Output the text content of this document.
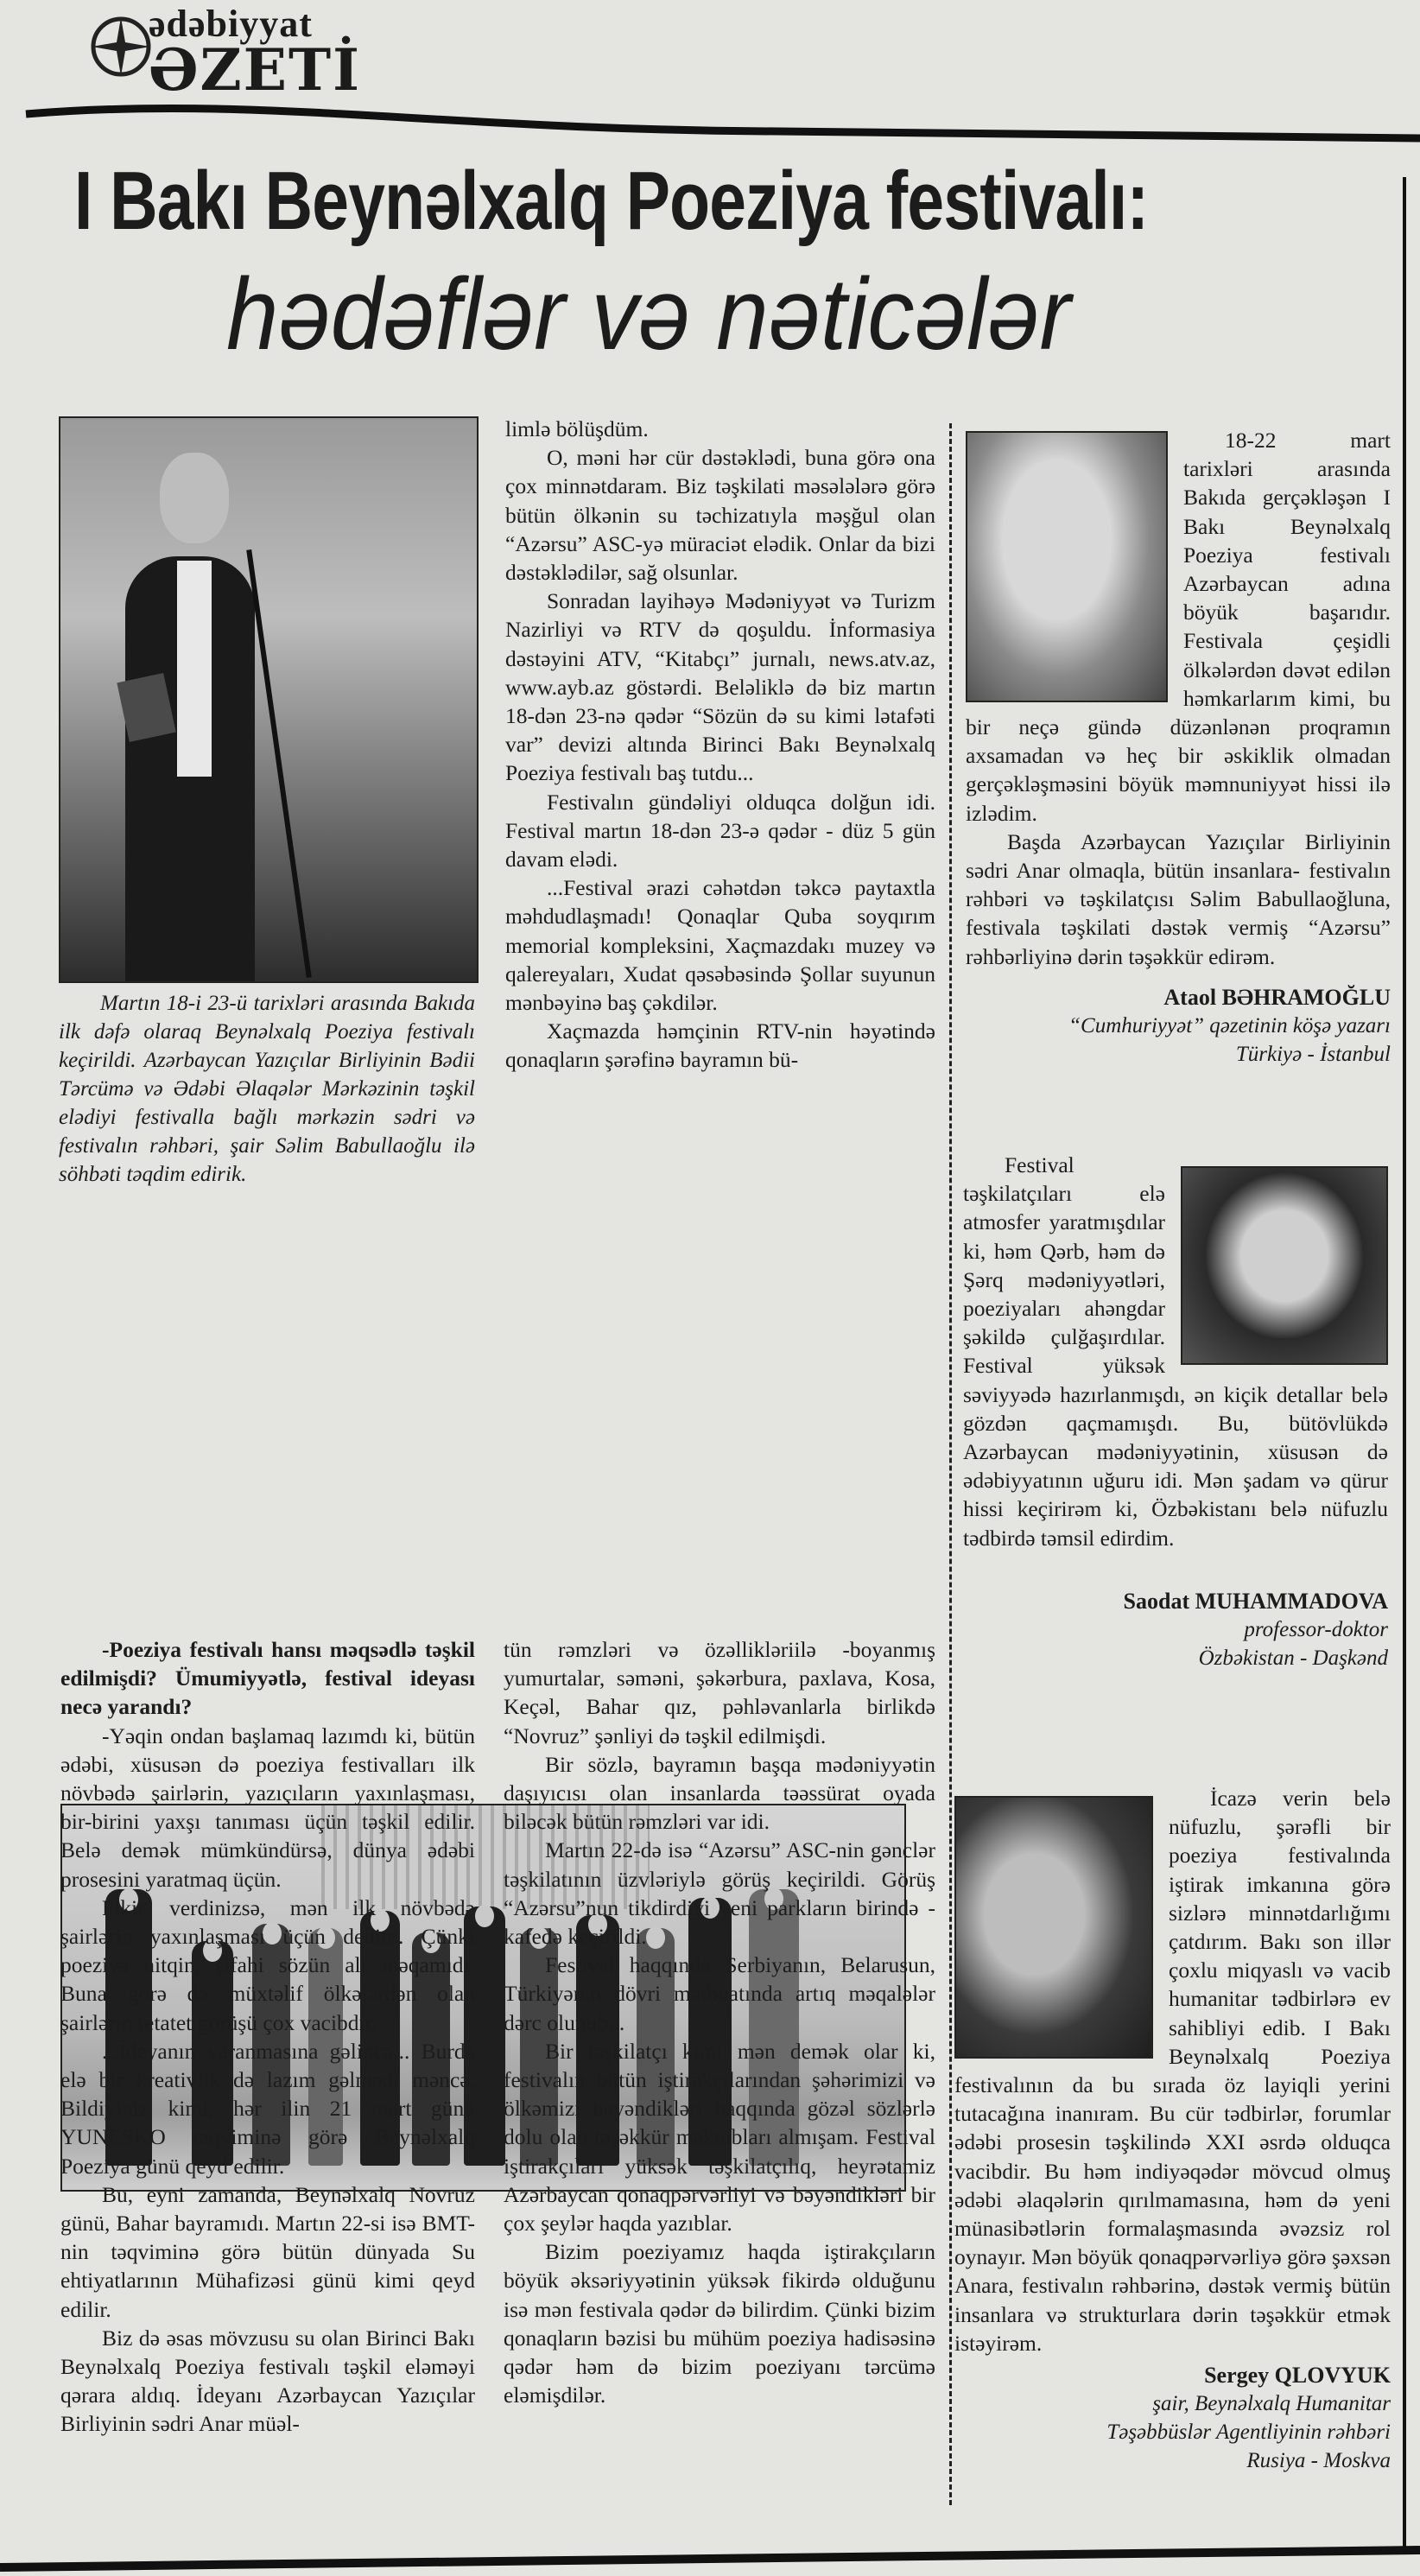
ədəbiyyat
ƏZETİ
I Bakı Beynəlxalq Poeziya festivalı:
hədəflər və nəticələr

Martın 18-i 23-ü tarixləri arasında Bakıda ilk dəfə olaraq Beynəlxalq Poeziya festivalı keçirildi. Azərbaycan Yazıçılar Birliyinin Bədii Tərcümə və Ədəbi Əlaqələr Mərkəzinin təşkil elədiyi festivalla bağlı mərkəzin sədri və festivalın rəhbəri, şair Səlim Babullaoğlu ilə söhbəti təqdim edirik.

limlə bölüşdüm.

O, məni hər cür dəstəklədi, buna görə ona çox minnətdaram. Biz təşkilati məsələlərə görə bütün ölkənin su təchizatıyla məşğul olan “Azərsu” ASC-yə müraciət elədik. Onlar da bizi dəstəklədilər, sağ olsunlar.

Sonradan layihəyə Mədəniyyət və Turizm Nazirliyi və RTV də qoşuldu. İnformasiya dəstəyini ATV, “Kitabçı” jurnalı, news.atv.az, www.ayb.az göstərdi. Beləliklə də biz martın 18-dən 23-nə qədər “Sözün də su kimi lətafəti var” devizi altında Birinci Bakı Beynəlxalq Poeziya festivalı baş tutdu...

Festivalın gündəliyi olduqca dolğun idi. Festival martın 18-dən 23-ə qədər - düz 5 gün davam elədi.

...Festival ərazi cəhətdən təkcə paytaxtla məhdudlaşmadı! Qonaqlar Quba soyqırım memorial kompleksini, Xaçmazdakı muzey və qalereyaları, Xudat qəsəbəsində Şollar suyunun mənbəyinə baş çəkdilər.

Xaçmazda həmçinin RTV-nin həyətində qonaqların şərəfinə bayramın bü-

-Poeziya festivalı hansı məqsədlə təşkil edilmişdi? Ümumiyyətlə, festival ideyası necə yarandı?

-Yəqin ondan başlamaq lazımdı ki, bütün ədəbi, xüsusən də poeziya festivalları ilk növbədə şairlərin, yazıçıların yaxınlaşması, bir-birini yaxşı tanıması üçün təşkil edilir. Belə demək mümkündürsə, dünya ədəbi prosesini yaratmaq üçün.

Fikir verdinizsə, mən ilk növbədə şairlərin yaxınlaşması üçün dedim. Çünki poeziya nitqin, şifahi sözün ali məqamıdı. Buna görə də müxtəlif ölkələrdən olan şairlərin tetatet görüşü çox vacibdir.

...İdeyanın yaranmasına gəlincə... Burda elə bir kreativlik də lazım gəlmədi məncə. Bildiyiniz kimi, hər ilin 21 mart günü YUNESKO təqviminə görə Beynəlxalq Poeziya günü qeyd edilir.

Bu, eyni zamanda, Beynəlxalq Novruz günü, Bahar bayramıdı. Martın 22-si isə BMT-nin təqviminə görə bütün dünyada Su ehtiyatlarının Mühafizəsi günü kimi qeyd edilir.

Biz də əsas mövzusu su olan Birinci Bakı Beynəlxalq Poeziya festivalı təşkil eləməyi qərara aldıq. İdeyanı Azərbaycan Yazıçılar Birliyinin sədri Anar müəl-

tün rəmzləri və özəllikləriilə -boyanmış yumurtalar, səməni, şəkərbura, paxlava, Kosa, Keçəl, Bahar qız, pəhləvanlarla birlikdə “Novruz” şənliyi də təşkil edilmişdi.

Bir sözlə, bayramın başqa mədəniyyətin daşıyıcısı olan insanlarda təəssürat oyada biləcək bütün rəmzləri var idi.

Martın 22-də isə “Azərsu” ASC-nin gənclər təşkilatının üzvləriylə görüş keçirildi. Görüş “Azərsu”nun tikdirdiyi yeni parkların birində - kafedə keçirildi.

Festival haqqında Serbiyanın, Belarusun, Türkiyənin dövri mətbuatında artıq məqalələr dərc olunub...

Bir təşkilatçı kimi mən demək olar ki, festivalın bütün iştirakçılarından şəhərimizi və ölkəmizi bəyəndikləri haqqında gözəl sözlərlə dolu olan təşəkkür məktubları almışam. Festival iştirakçıları yüksək təşkilatçılıq, heyrətamiz Azərbaycan qonaqpərvərliyi və bəyəndikləri bir çox şeylər haqda yazıblar.

Bizim poeziyamız haqda iştirakçıların böyük əksəriyyətinin yüksək fikirdə olduğunu isə mən festivala qədər də bilirdim. Çünki bizim qonaqların bəzisi bu mühüm poeziya hadisəsinə qədər həm də bizim poeziyanı tərcümə eləmişdilər.

18-22 mart tarixləri arasında Bakıda gerçəkləşən I Bakı Beynəlxalq Poeziya festivalı Azərbaycan adına böyük başarıdır. Festivala çeşidli ölkələrdən dəvət edilən həmkarlarım kimi, bu bir neçə gündə düzənlənən proqramın axsamadan və heç bir əskiklik olmadan gerçəkləşməsini böyük məmnuniyyət hissi ilə izlədim.

Başda Azərbaycan Yazıçılar Birliyinin sədri Anar olmaqla, bütün insanlara- festivalın rəhbəri və təşkilatçısı Səlim Babullaoğluna, festivala təşkilati dəstək vermiş “Azərsu” rəhbərliyinə dərin təşəkkür edirəm.

Ataol BƏHRAMOĞLU
“Cumhuriyyət” qəzetinin köşə yazarı
Türkiyə - İstanbul

Festival təşkilatçıları elə atmosfer yaratmışdılar ki, həm Qərb, həm də Şərq mədəniyyətləri, poeziyaları ahəngdar şəkildə çulğaşırdılar. Festival yüksək səviyyədə hazırlanmışdı, ən kiçik detallar belə gözdən qaçmamışdı. Bu, bütövlükdə Azərbaycan mədəniyyətinin, xüsusən də ədəbiyyatının uğuru idi. Mən şadam və qürur hissi keçirirəm ki, Özbəkistanı belə nüfuzlu tədbirdə təmsil edirdim.

Saodat MUHAMMADOVA
professor-doktor
Özbəkistan - Daşkənd

İcazə verin belə nüfuzlu, şərəfli bir poeziya festivalında iştirak imkanına görə sizlərə minnətdarlığımı çatdırım. Bakı son illər çoxlu miqyaslı və vacib humanitar tədbirlərə ev sahibliyi edib. I Bakı Beynəlxalq Poeziya festivalının da bu sırada öz layiqli yerini tutacağına inanıram. Bu cür tədbirlər, forumlar ədəbi prosesin təşkilində XXI əsrdə olduqca vacibdir. Bu həm indiyəqədər mövcud olmuş ədəbi əlaqələrin qırılmamasına, həm də yeni münasibətlərin formalaşmasında əvəzsiz rol oynayır. Mən böyük qonaqpərvərliyə görə şəxsən Anara, festivalın rəhbərinə, dəstək vermiş bütün insanlara və strukturlara dərin təşəkkür etmək istəyirəm.

Sergey QLOVYUK
şair, Beynəlxalq Humanitar
Təşəbbüslər Agentliyinin rəhbəri
Rusiya - Moskva
